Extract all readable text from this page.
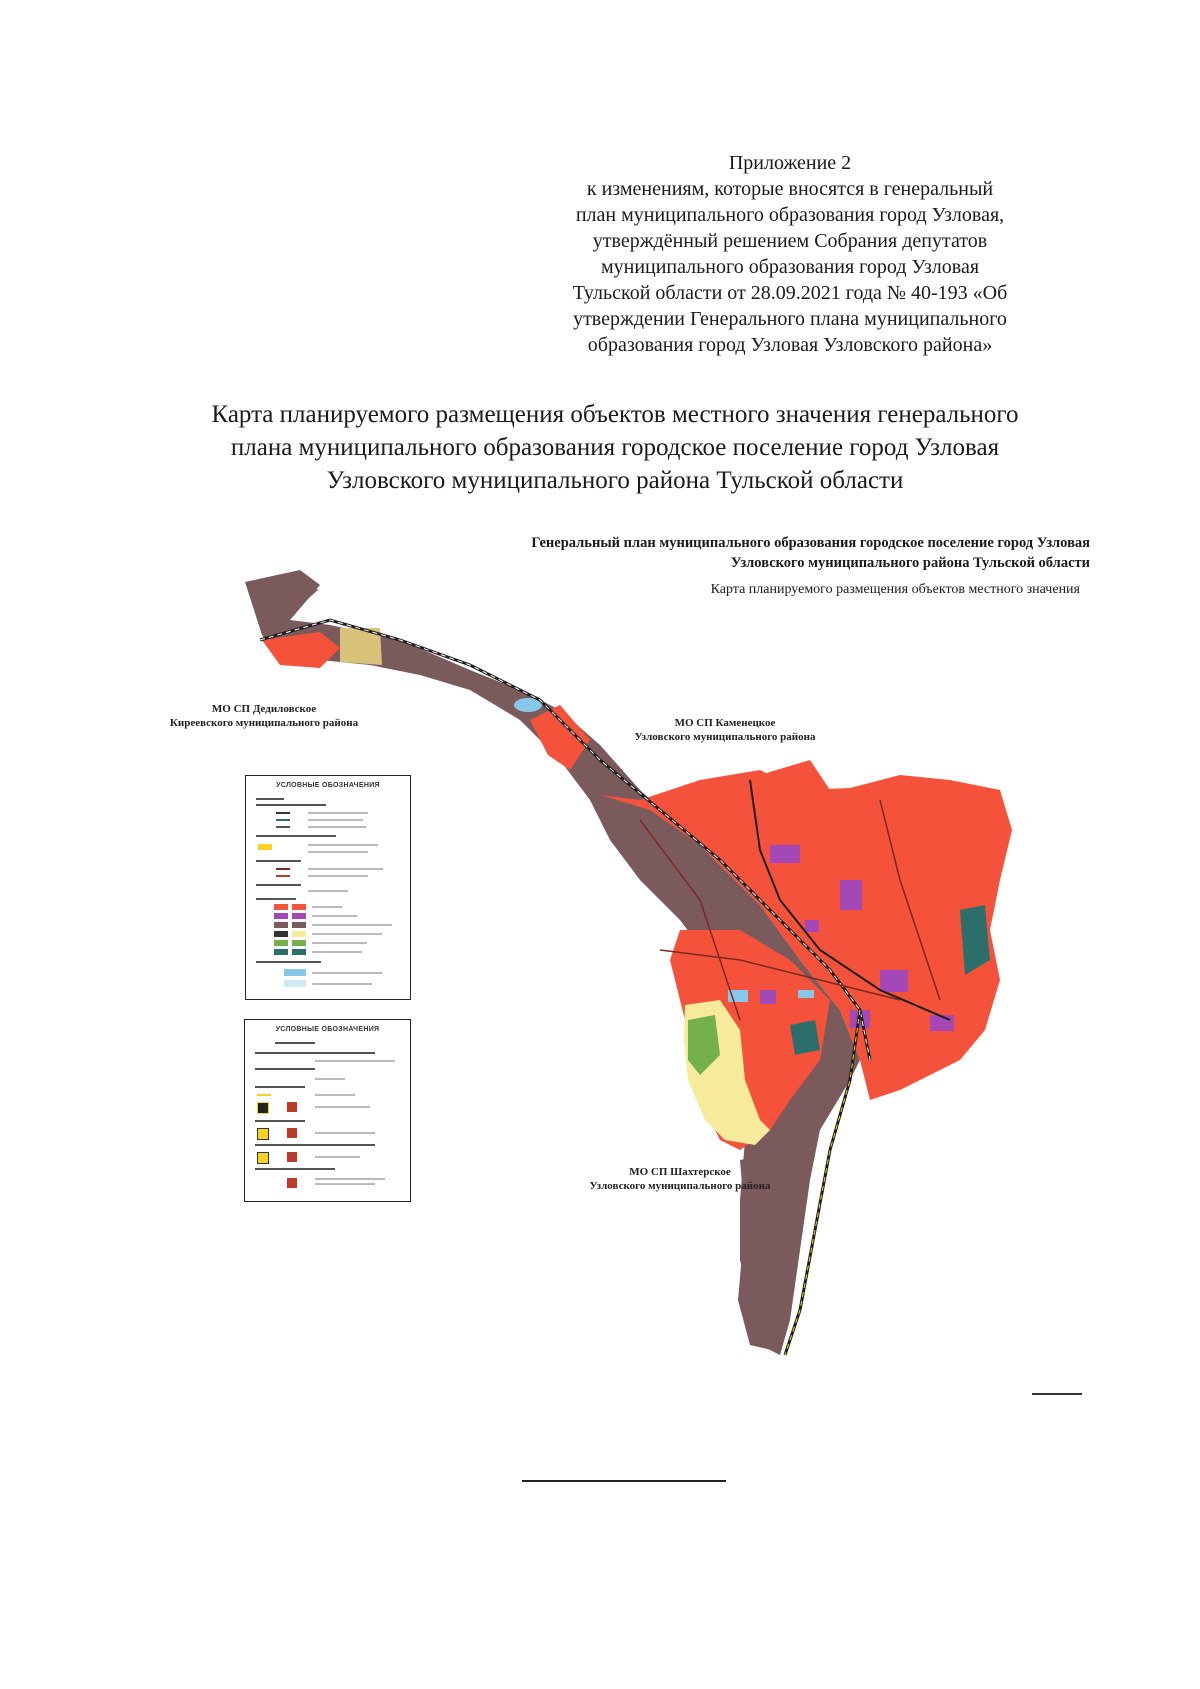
Приложение 2
к изменениям, которые вносятся в генеральный
план муниципального образования город Узловая,
утверждённый решением Собрания депутатов
муниципального образования город Узловая
Тульской области от 28.09.2021 года № 40-193 «Об
утверждении Генерального плана муниципального
образования город Узловая Узловского района»
Карта планируемого размещения объектов местного значения генерального
плана муниципального образования городское поселение город Узловая
Узловского муниципального района Тульской области
Генеральный план муниципального образования городское поселение город Узловая
Узловского муниципального района Тульской области
Карта планируемого размещения объектов местного значения
МО СП Дедиловское
Киреевского муниципального района	МО СП Каменецкое
Узловского муниципального района
МО СП Шахтерское
Узловского муниципального района
УСЛОВНЫЕ ОБОЗНАЧЕНИЯ
УСЛОВНЫЕ ОБОЗНАЧЕНИЯ
